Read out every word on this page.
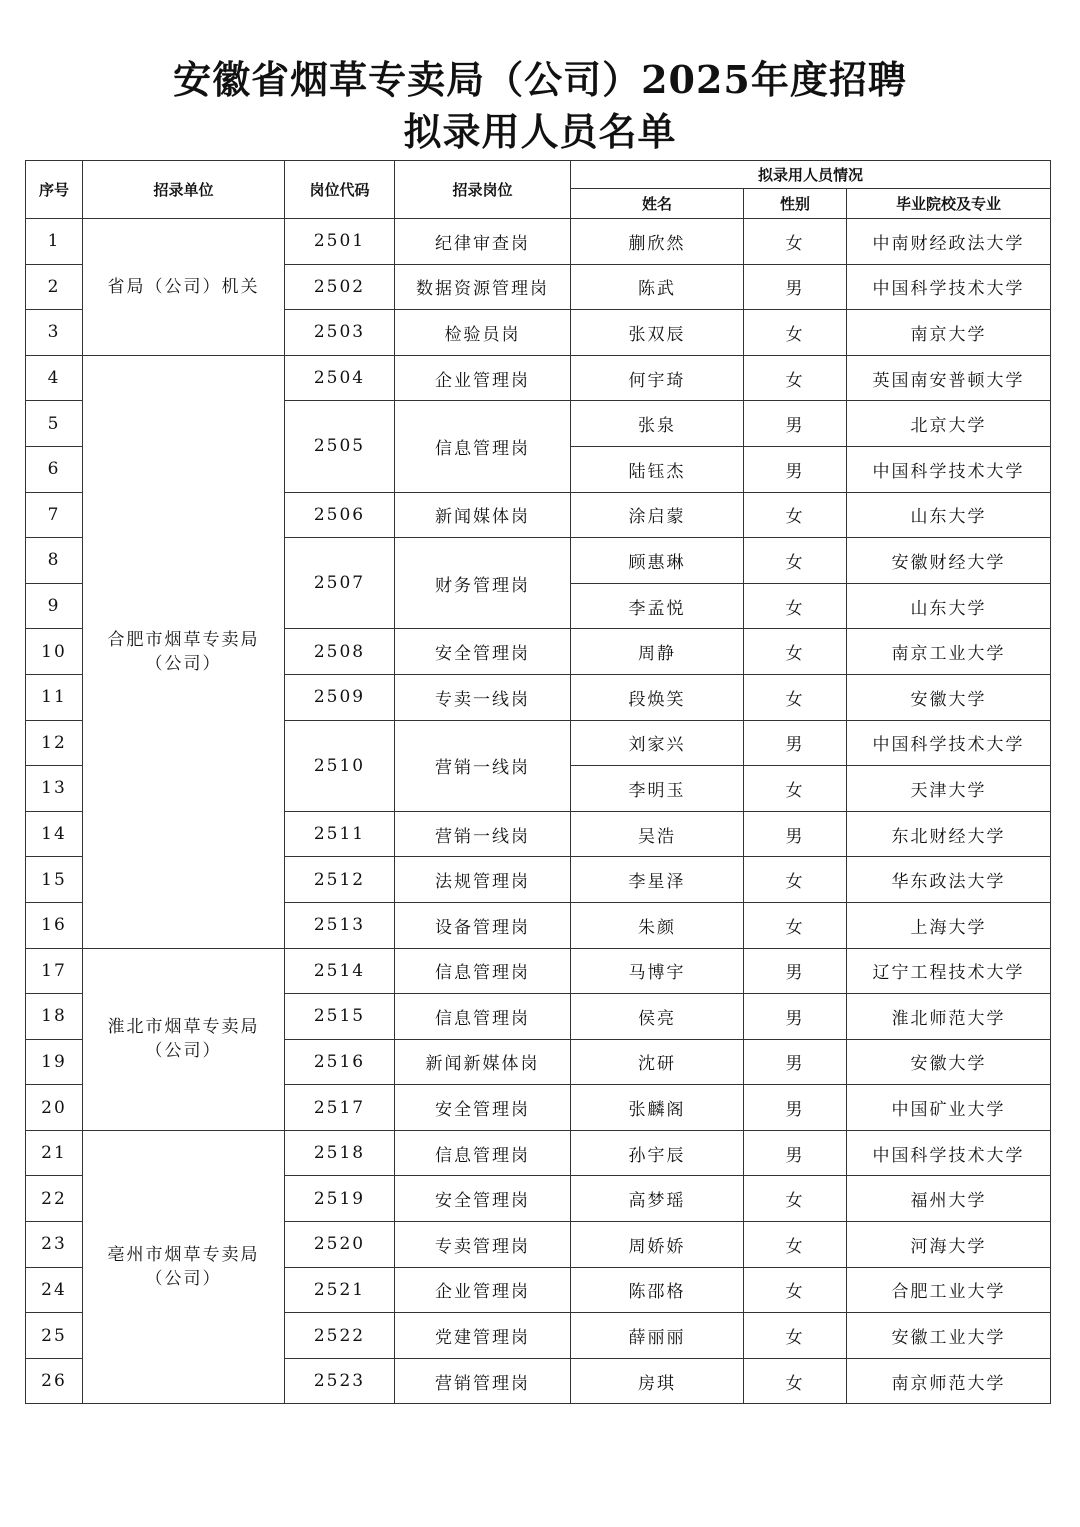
安徽省烟草专卖局（公司）2025年度招聘
拟录用人员名单
序号	招录单位	岗位代码	招录岗位	拟录用人员情况		
				姓名	性别	毕业院校及专业
1	省局（公司）机关	2501	纪律审查岗	蒯欣然	女	中南财经政法大学
2		2502	数据资源管理岗	陈武	男	中国科学技术大学
3		2503	检验员岗	张双辰	女	南京大学
4	合肥市烟草专卖局（公司）	2504	企业管理岗	何宇琦	女	英国南安普顿大学
5		2505	信息管理岗	张泉	男	北京大学
6				陆钰杰	男	中国科学技术大学
7		2506	新闻媒体岗	涂启蒙	女	山东大学
8		2507	财务管理岗	顾惠琳	女	安徽财经大学
9				李孟悦	女	山东大学
10		2508	安全管理岗	周静	女	南京工业大学
11		2509	专卖一线岗	段焕笑	女	安徽大学
12		2510	营销一线岗	刘家兴	男	中国科学技术大学
13				李明玉	女	天津大学
14		2511	营销一线岗	吴浩	男	东北财经大学
15		2512	法规管理岗	李星泽	女	华东政法大学
16		2513	设备管理岗	朱颜	女	上海大学
17	淮北市烟草专卖局（公司）	2514	信息管理岗	马博宇	男	辽宁工程技术大学
18		2515	信息管理岗	侯亮	男	淮北师范大学
19		2516	新闻新媒体岗	沈研	男	安徽大学
20		2517	安全管理岗	张麟阁	男	中国矿业大学
21	亳州市烟草专卖局（公司）	2518	信息管理岗	孙宇辰	男	中国科学技术大学
22		2519	安全管理岗	高梦瑶	女	福州大学
23		2520	专卖管理岗	周娇娇	女	河海大学
24		2521	企业管理岗	陈邵格	女	合肥工业大学
25		2522	党建管理岗	薛丽丽	女	安徽工业大学
26		2523	营销管理岗	房琪	女	南京师范大学
